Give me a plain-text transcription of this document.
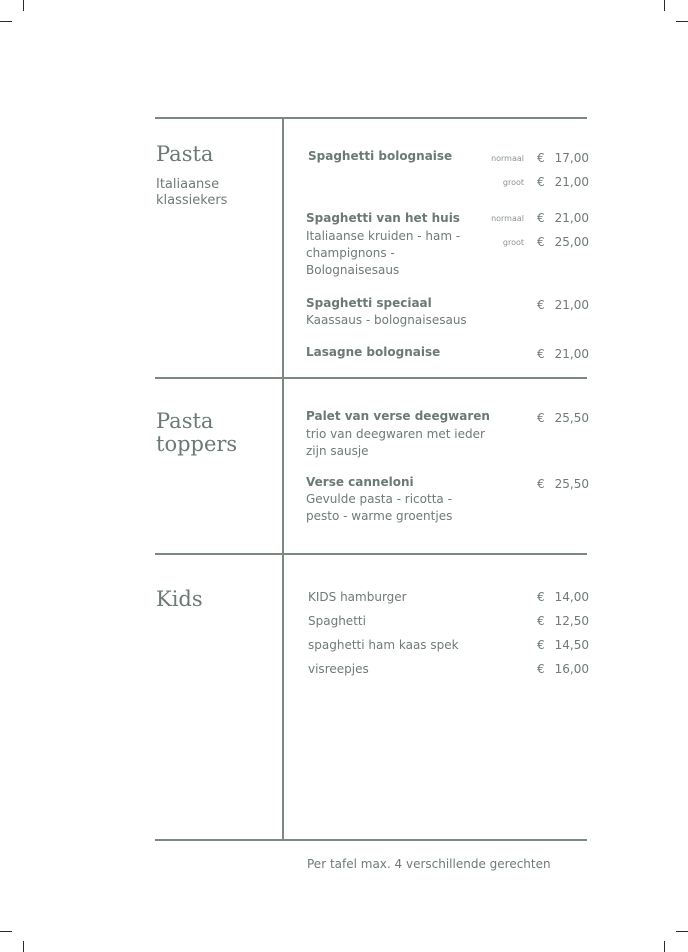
Pasta
Italiaanse klassiekers
Spaghetti bolognaise	normaal € 17,00
groot € 21,00
Spaghetti van het huis
Italiaanse kruiden - ham - champignons - Bolognaisesaus
normaal € 21,00
groot € 25,00
Spaghetti speciaal
Kaassaus - bolognaisesaus
€ 21,00
Lasagne bolognaise	€ 21,00
Pasta
toppers
Palet van verse deegwaren
trio van deegwaren met ieder zijn sausje
€ 25,50
Verse canneloni
Gevulde pasta - ricotta - pesto - warme groentjes
€ 25,50
Kids	KIDS hamburger	€ 14,00
Spaghetti	€ 12,50
spaghetti ham kaas spek	€ 14,50
visreepjes	€ 16,00
Per tafel max. 4 verschillende gerechten
